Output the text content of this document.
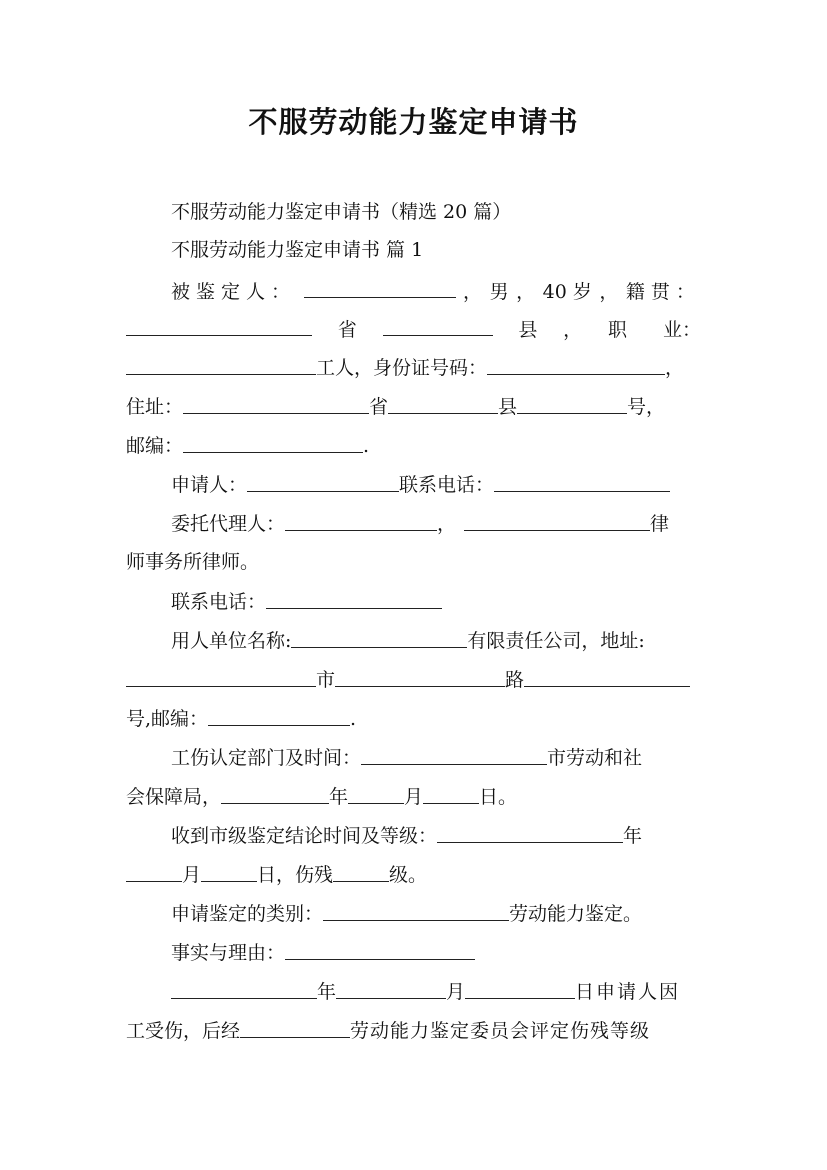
不服劳动能力鉴定申请书
不服劳动能力鉴定申请书（精选 20 篇）
不服劳动能力鉴定申请书 篇 1
被鉴定人：	， 男 ， 40 岁 ， 籍贯：
省	县 ， 职 业：
工人，身份证号码：	，
住址：	省	县	号，
邮编：	.
申请人：	联系电话：
委托代理人：	，	律
师事务所律师。
联系电话：
用人单位名称:	有限责任公司，地址:
市	路
号,邮编：	.
工伤认定部门及时间：	市劳动和社
会保障局，	年	月	日。
收到市级鉴定结论时间及等级：	年
月	日，伤残	级。
申请鉴定的类别：	劳动能力鉴定。
事实与理由：
年	月	日申请人因
工受伤，后经	劳动能力鉴定委员会评定伤残等级
